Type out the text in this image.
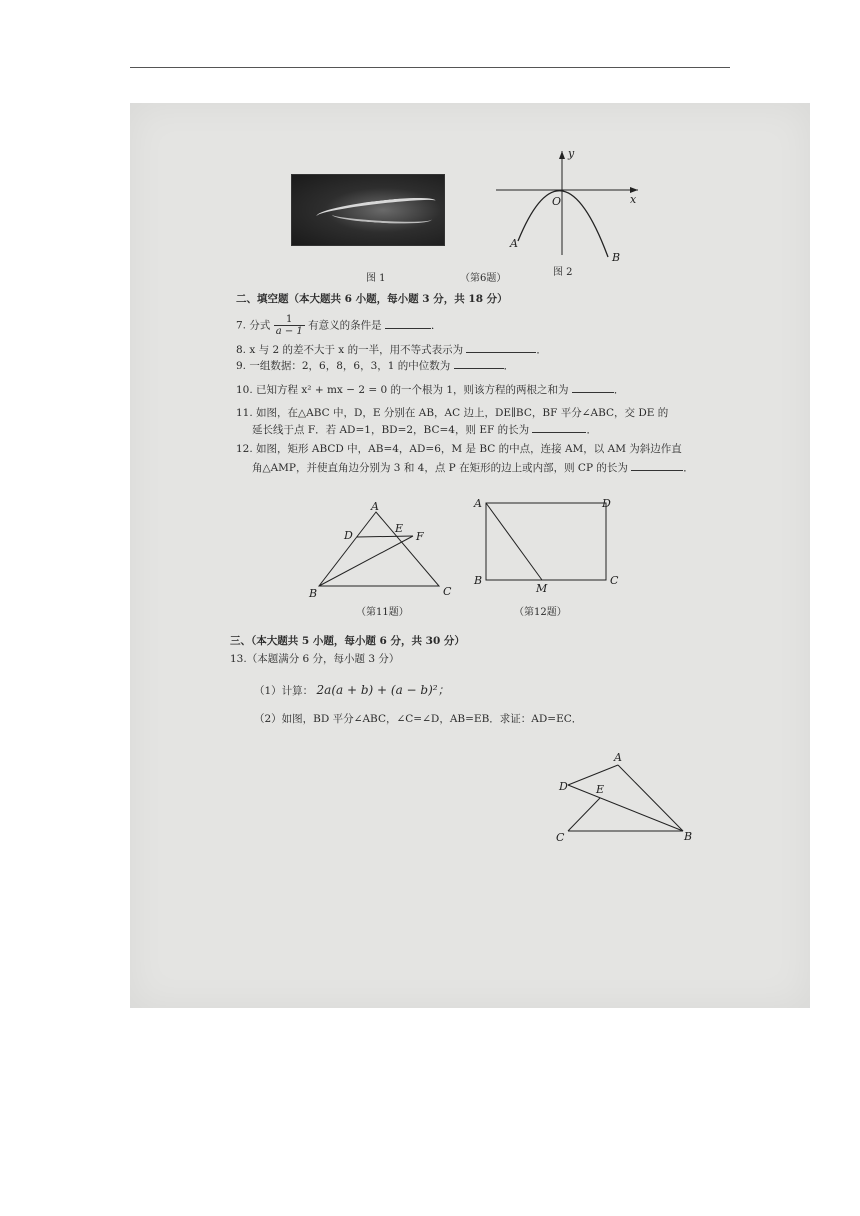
图 1	（第6题）
图 2
y
x
O
A
B
二、填空题（本大题共 6 小题，每小题 3 分，共 18 分）
7. 分式 $\frac{1}{a - 1}$ 有意义的条件是	．
8. x 与 2 的差不大于 x 的一半，用不等式表示为	．
9. 一组数据：2，6，8，6，3，1 的中位数为	．
10. 已知方程 x² + mx − 2 = 0 的一个根为 1，则该方程的两根之和为	．
11. 如图，在△ABC 中，D，E 分别在 AB，AC 边上，DE∥BC，BF 平分∠ABC，交 DE 的
延长线于点 F．若 AD=1，BD=2，BC=4，则 EF 的长为	．
12. 如图，矩形 ABCD 中，AB=4，AD=6，M 是 BC 的中点，连接 AM，以 AM 为斜边作直
角△AMP，并使直角边分别为 3 和 4，点 P 在矩形的边上或内部，则 CP 的长为	．
A
D
E
F
B	C
（第11题）
A	D
B
M
C
（第12题）
三、（本大题共 5 小题，每小题 6 分，共 30 分）
13.（本题满分 6 分，每小题 3 分）
（1）计算： 2a(a + b) + (a − b)²；
（2）如图，BD 平分∠ABC，∠C=∠D，AB=EB．求证：AD=EC．
A
D	E
C	B
